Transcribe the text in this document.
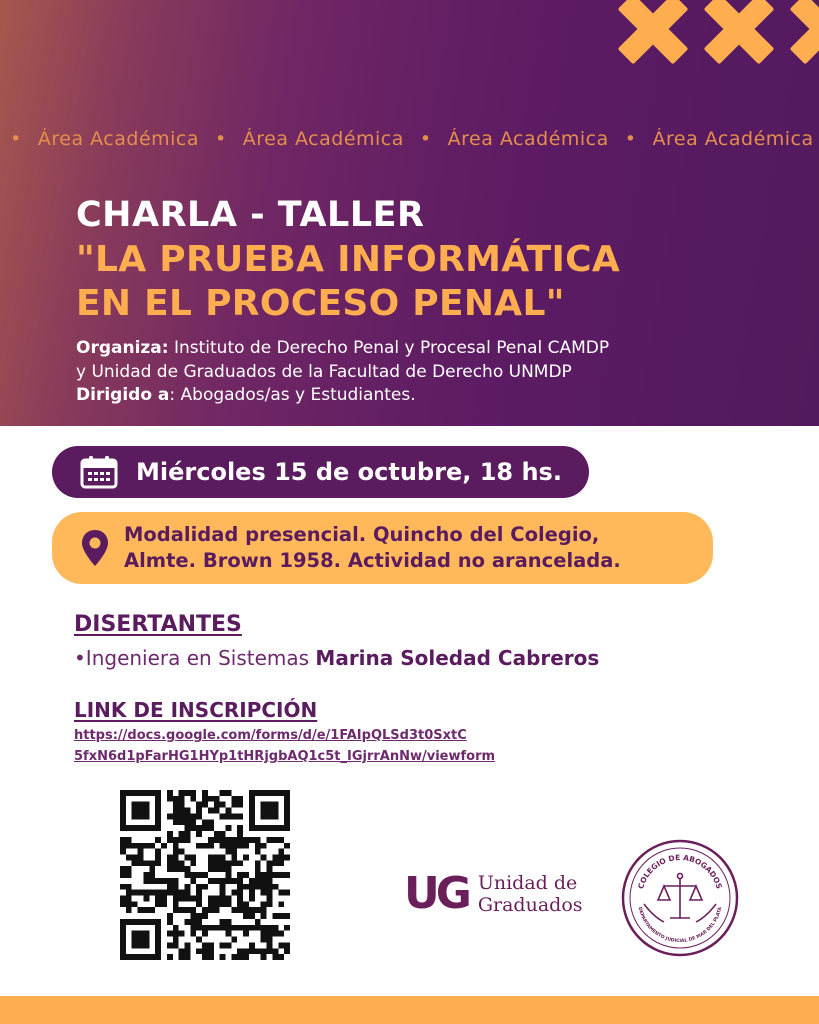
• Área Académica • Área Académica • Área Académica • Área Académica
CHARLA - TALLER
"LA PRUEBA INFORMÁTICA
EN EL PROCESO PENAL"
Organiza: Instituto de Derecho Penal y Procesal Penal CAMDP
y Unidad de Graduados de la Facultad de Derecho UNMDP
Dirigido a: Abogados/as y Estudiantes.
Miércoles 15 de octubre, 18 hs.
Modalidad presencial. Quincho del Colegio,
Almte. Brown 1958. Actividad no arancelada.
DISERTANTES
•Ingeniera en Sistemas Marina Soledad Cabreros
LINK DE INSCRIPCIÓN
https://docs.google.com/forms/d/e/1FAIpQLSd3t0SxtC
5fxN6d1pFarHG1HYp1tHRjgbAQ1c5t_IGjrrAnNw/viewform
UG Unidad de
Graduados
COLEGIO DE ABOGADOS
DEPARTAMENTO JUDICIAL DE MAR DEL PLATA
